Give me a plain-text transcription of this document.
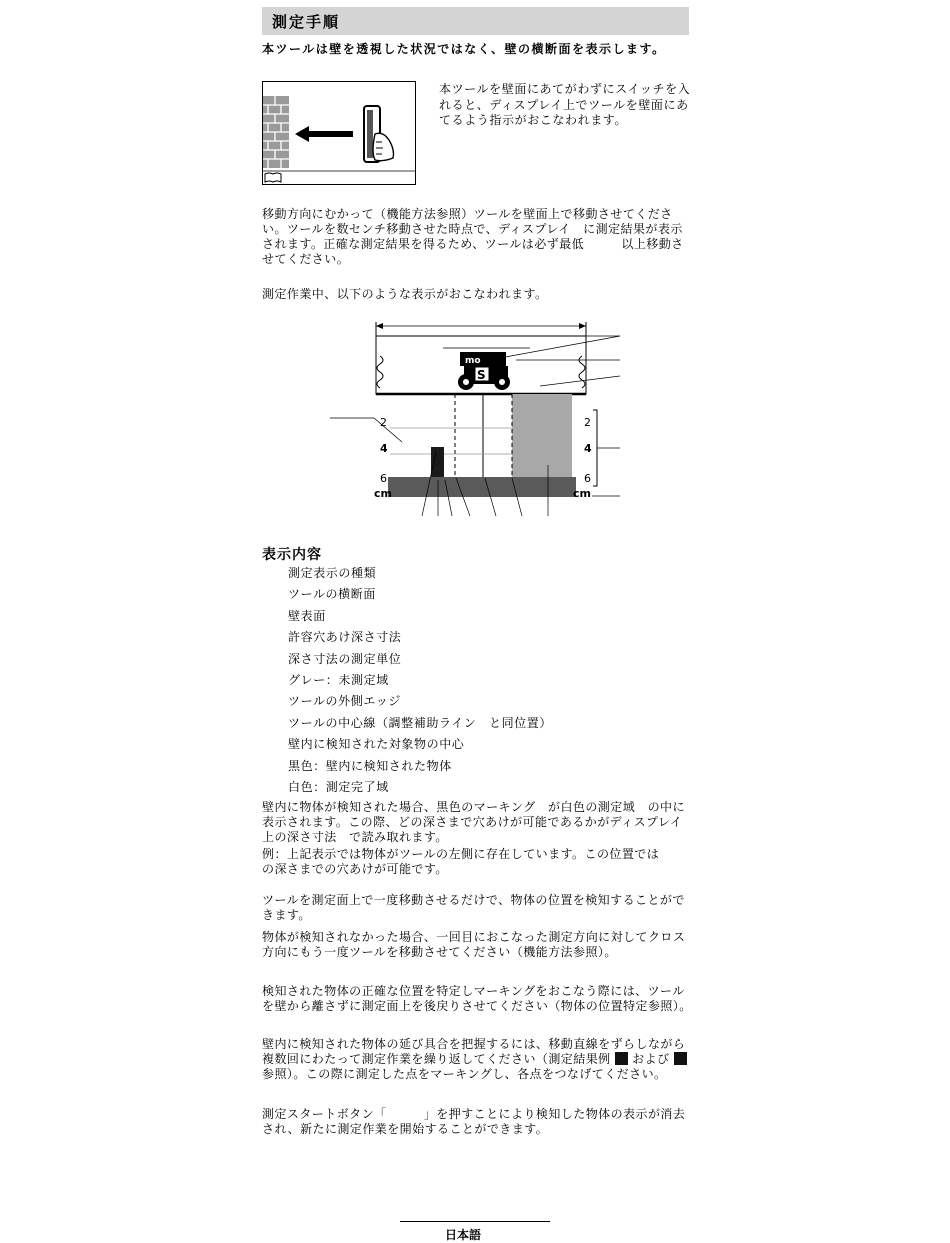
測定手順
本ツールは壁を透視した状況ではなく、壁の横断面を表示します。
本ツールを壁面にあてがわずにスイッチを入れると、ディスプレイ上でツールを壁面にあてるよう指示がおこなわれます。
移動方向にむかって（機能方法参照）ツールを壁面上で移動させてください。ツールを数センチ移動させた時点で、ディスプレイ　に測定結果が表示されます。正確な測定結果を得るため、ツールは必ず最低　　　以上移動させてください。
測定作業中、以下のような表示がおこなわれます。
mo
S
2
4
6
cm
2
4
6
cm
表示内容
測定表示の種類
ツールの横断面
壁表面
許容穴あけ深さ寸法
深さ寸法の測定単位
グレー：未測定域
ツールの外側エッジ
ツールの中心線（調整補助ライン　と同位置）
壁内に検知された対象物の中心
黒色：壁内に検知された物体
白色：測定完了域
壁内に物体が検知された場合、黒色のマーキング　が白色の測定域　の中に表示されます。この際、どの深さまで穴あけが可能であるかがディスプレイ上の深さ寸法　で読み取れます。
例：上記表示では物体がツールの左側に存在しています。この位置では　　　の深さまでの穴あけが可能です。
ツールを測定面上で一度移動させるだけで、物体の位置を検知することができます。
物体が検知されなかった場合、一回目におこなった測定方向に対してクロス方向にもう一度ツールを移動させてください（機能方法参照）。
検知された物体の正確な位置を特定しマーキングをおこなう際には、ツールを壁から離さずに測定面上を後戻りさせてください（物体の位置特定参照）。
壁内に検知された物体の延び具合を把握するには、移動直線をずらしながら複数回にわたって測定作業を繰り返してください（測定結果例 および  参照）。この際に測定した点をマーキングし、各点をつなげてください。
測定スタートボタン「　　　」を押すことにより検知した物体の表示が消去され、新たに測定作業を開始することができます。
日本語
